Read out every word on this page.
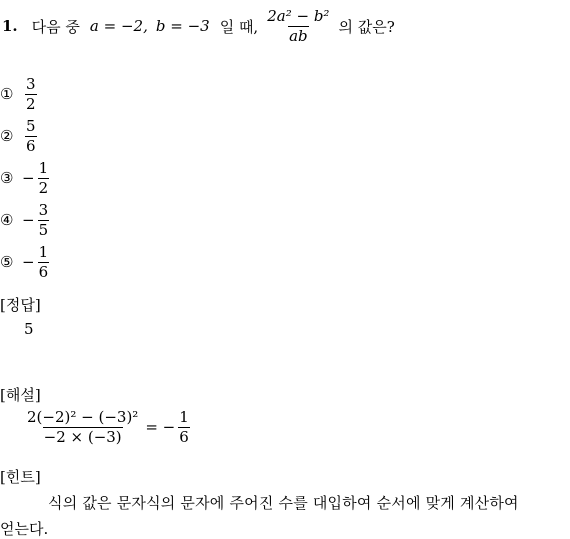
1. 다음 중 a = −2, b = −3 일 때, $\frac{\text{2a² − b²}}{ab}$ 의 값은?
① $\frac{3}{2}$
② $\frac{5}{6}$
③ − $\frac{1}{2}$
④ − $\frac{3}{5}$
⑤ − $\frac{1}{6}$
[정답]
5
[해설]
$\frac{\text{2(−2)² − (−3)²}}{-2 \times (-3)}$ = − $\frac{1}{6}$
[힌트]
식의 값은 문자식의 문자에 주어진 수를 대입하여 순서에 맞게 계산하여
얻는다.
